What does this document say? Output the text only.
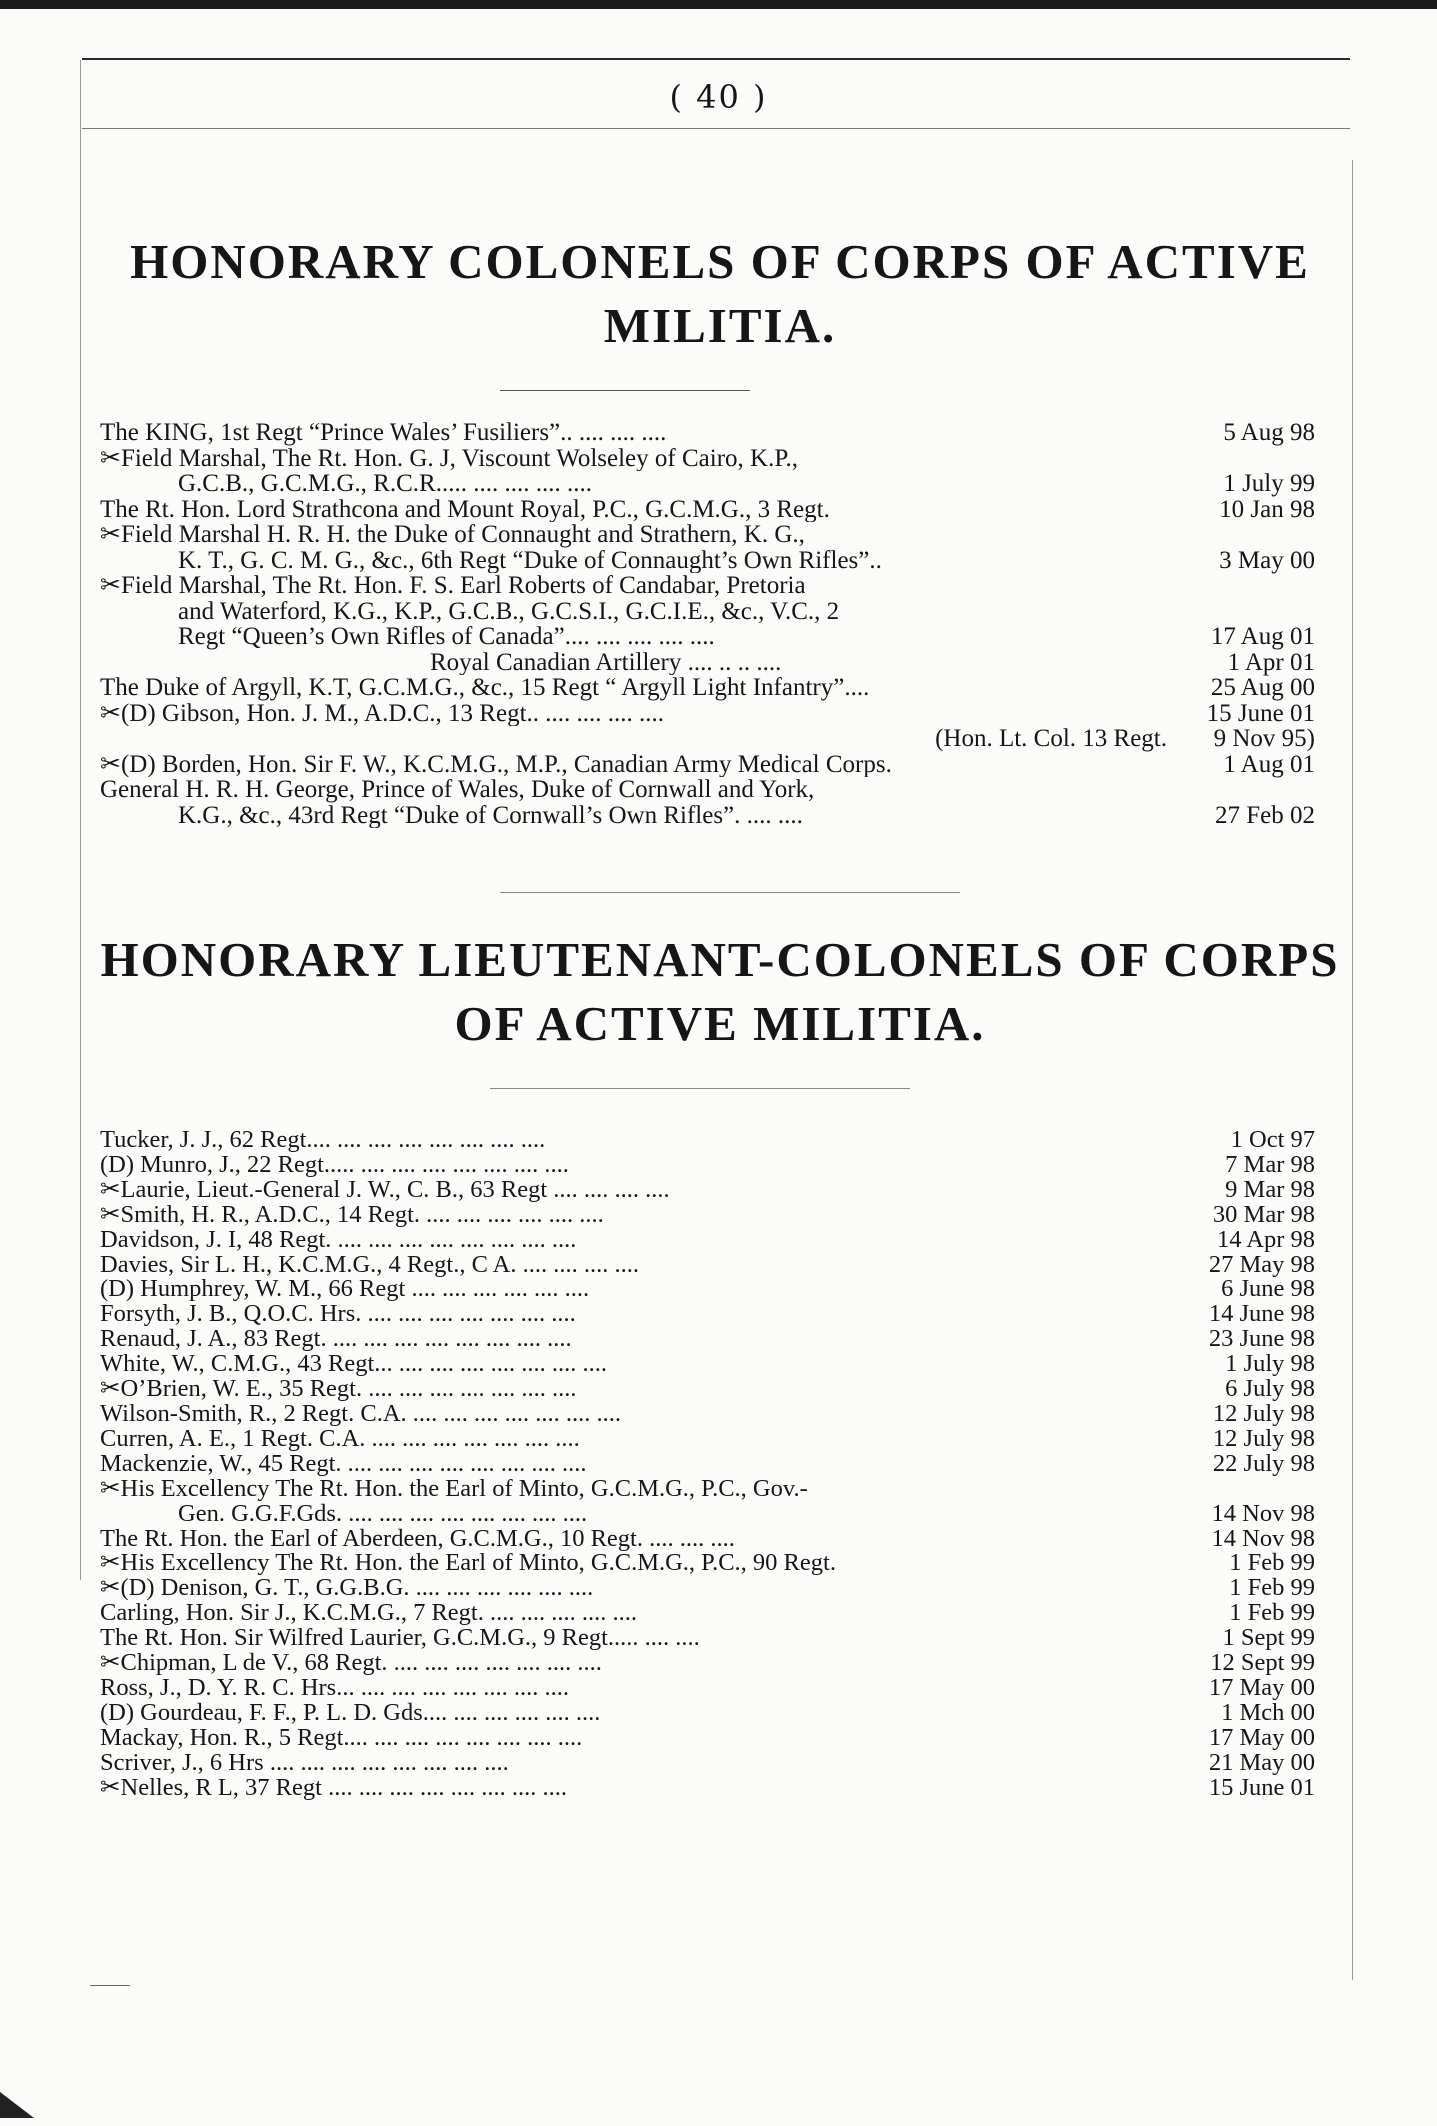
( 40 )
HONORARY COLONELS OF CORPS OF ACTIVE
MILITIA.
The KING, 1st Regt “Prince Wales’ Fusiliers”.. .... .... ....	5 Aug 98
✂Field Marshal, The Rt. Hon. G. J, Viscount Wolseley of Cairo, K.P.,
G.C.B., G.C.M.G., R.C.R..... .... .... .... ....	1 July 99
The Rt. Hon. Lord Strathcona and Mount Royal, P.C., G.C.M.G., 3 Regt.	10 Jan 98
✂Field Marshal H. R. H. the Duke of Connaught and Strathern, K. G.,
K. T., G. C. M. G., &c., 6th Regt “Duke of Connaught’s Own Rifles”..	3 May 00
✂Field Marshal, The Rt. Hon. F. S. Earl Roberts of Candabar, Pretoria
and Waterford, K.G., K.P., G.C.B., G.C.S.I., G.C.I.E., &c., V.C., 2
Regt “Queen’s Own Rifles of Canada”.... .... .... .... ....	17 Aug 01
Royal Canadian Artillery .... .. .. ....	1 Apr 01
The Duke of Argyll, K.T, G.C.M.G., &c., 15 Regt “ Argyll Light Infantry”....	25 Aug 00
✂(D) Gibson, Hon. J. M., A.D.C., 13 Regt.. .... .... .... ....	15 June 01
(Hon. Lt. Col. 13 Regt.	9 Nov 95)
✂(D) Borden, Hon. Sir F. W., K.C.M.G., M.P., Canadian Army Medical Corps.	1 Aug 01
General H. R. H. George, Prince of Wales, Duke of Cornwall and York,
K.G., &c., 43rd Regt “Duke of Cornwall’s Own Rifles”. .... ....	27 Feb 02
HONORARY LIEUTENANT-COLONELS OF CORPS
OF ACTIVE MILITIA.
Tucker, J. J., 62 Regt.... .... .... .... .... .... .... ....	1 Oct 97
(D) Munro, J., 22 Regt..... .... .... .... .... .... .... ....	7 Mar 98
✂Laurie, Lieut.-General J. W., C. B., 63 Regt .... .... .... ....	9 Mar 98
✂Smith, H. R., A.D.C., 14 Regt. .... .... .... .... .... ....	30 Mar 98
Davidson, J. I, 48 Regt. .... .... .... .... .... .... .... ....	14 Apr 98
Davies, Sir L. H., K.C.M.G., 4 Regt., C A. .... .... .... ....	27 May 98
(D) Humphrey, W. M., 66 Regt .... .... .... .... .... ....	6 June 98
Forsyth, J. B., Q.O.C. Hrs. .... .... .... .... .... .... ....	14 June 98
Renaud, J. A., 83 Regt. .... .... .... .... .... .... .... ....	23 June 98
White, W., C.M.G., 43 Regt... .... .... .... .... .... .... ....	1 July 98
✂O’Brien, W. E., 35 Regt. .... .... .... .... .... .... ....	6 July 98
Wilson-Smith, R., 2 Regt. C.A. .... .... .... .... .... .... ....	12 July 98
Curren, A. E., 1 Regt. C.A. .... .... .... .... .... .... ....	12 July 98
Mackenzie, W., 45 Regt. .... .... .... .... .... .... .... ....	22 July 98
✂His Excellency The Rt. Hon. the Earl of Minto, G.C.M.G., P.C., Gov.-
Gen. G.G.F.Gds. .... .... .... .... .... .... .... ....	14 Nov 98
The Rt. Hon. the Earl of Aberdeen, G.C.M.G., 10 Regt. .... .... ....	14 Nov 98
✂His Excellency The Rt. Hon. the Earl of Minto, G.C.M.G., P.C., 90 Regt.	1 Feb 99
✂(D) Denison, G. T., G.G.B.G. .... .... .... .... .... ....	1 Feb 99
Carling, Hon. Sir J., K.C.M.G., 7 Regt. .... .... .... .... ....	1 Feb 99
The Rt. Hon. Sir Wilfred Laurier, G.C.M.G., 9 Regt..... .... ....	1 Sept 99
✂Chipman, L de V., 68 Regt. .... .... .... .... .... .... ....	12 Sept 99
Ross, J., D. Y. R. C. Hrs... .... .... .... .... .... .... ....	17 May 00
(D) Gourdeau, F. F., P. L. D. Gds.... .... .... .... .... ....	1 Mch 00
Mackay, Hon. R., 5 Regt.... .... .... .... .... .... .... ....	17 May 00
Scriver, J., 6 Hrs .... .... .... .... .... .... .... ....	21 May 00
✂Nelles, R L, 37 Regt .... .... .... .... .... .... .... ....	15 June 01
